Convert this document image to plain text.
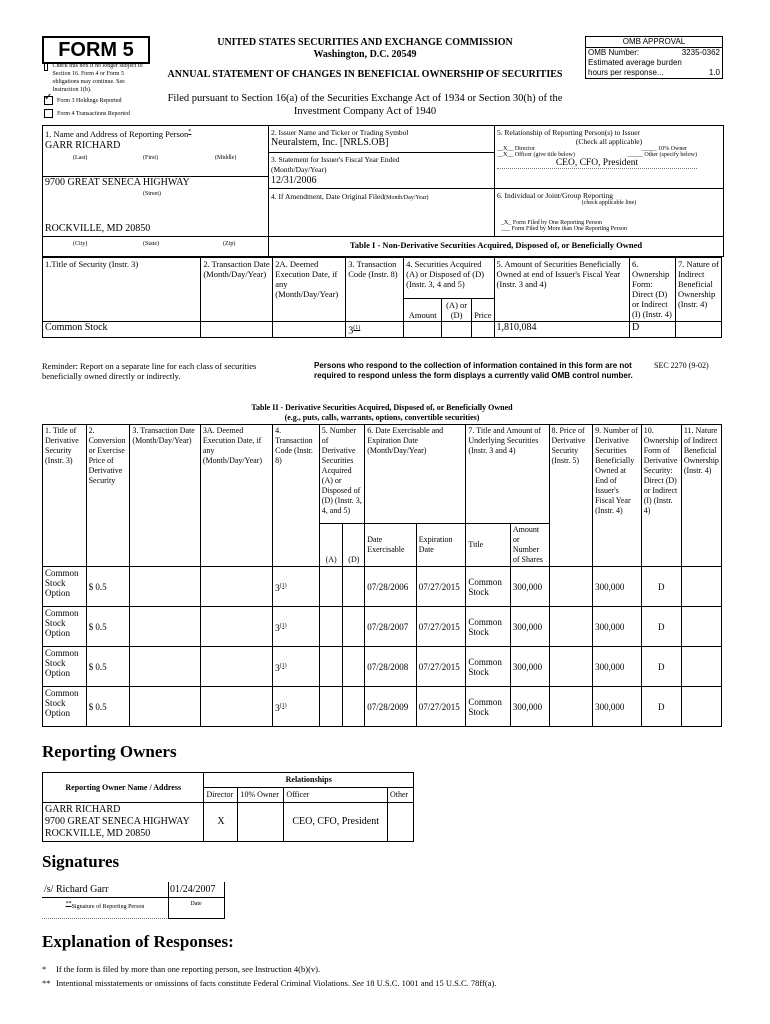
FORM 5
Check this box if no longer subject to Section 16. Form 4 or Form 5 obligations may continue. See Instruction 1(b).
✓
Form 3 Holdings Reported
Form 4 Transactions Reported
UNITED STATES SECURITIES AND EXCHANGE COMMISSION
Washington, D.C. 20549
ANNUAL STATEMENT OF CHANGES IN BENEFICIAL OWNERSHIP OF SECURITIES
Filed pursuant to Section 16(a) of the Securities Exchange Act of 1934 or Section 30(h) of the
Investment Company Act of 1940
OMB APPROVAL
OMB Number:	3235-0362
Estimated average burden
hours per response...	1.0
1. Name and Address of Reporting Person*
GARR RICHARD
(Last)	(First)	(Middle)
9700 GREAT SENECA HIGHWAY
(Street)
ROCKVILLE, MD 20850
(City)	(State)	(Zip)
2. Issuer Name and Ticker or Trading Symbol
Neuralstem, Inc. [NRLS.OB]
3. Statement for Issuer's Fiscal Year Ended (Month/Day/Year)
12/31/2006
4. If Amendment, Date Original Filed(Month/Day/Year)
5. Relationship of Reporting Person(s) to Issuer
(Check all applicable)
__X__ Director	_____ 10% Owner
__X__ Officer (give title below)	_____ Other (specify below)
CEO, CFO, President
6. Individual or Joint/Group Reporting
(check applicable line)
_X_ Form Filed by One Reporting Person
___ Form Filed by More than One Reporting Person
Table I - Non-Derivative Securities Acquired, Disposed of, or Beneficially Owned
1.Title of Security (Instr. 3)	2. Transaction Date (Month/Day/Year)	2A. Deemed Execution Date, if any (Month/Day/Year)	3. Transaction Code (Instr. 8)	4. Securities Acquired (A) or Disposed of (D) (Instr. 3, 4 and 5)			5. Amount of Securities Beneficially Owned at end of Issuer's Fiscal Year (Instr. 3 and 4)	6. Ownership Form: Direct (D) or Indirect (I) (Instr. 4)	7. Nature of Indirect Beneficial Ownership (Instr. 4)
				Amount	(A) or (D)	Price			
Common Stock			3$^{(1)}$				1,810,084	D	
Reminder: Report on a separate line for each class of securities beneficially owned directly or indirectly.
Persons who respond to the collection of information contained in this form are not required to respond unless the form displays a currently valid OMB control number.
SEC 2270 (9-02)
Table II - Derivative Securities Acquired, Disposed of, or Beneficially Owned
(e.g., puts, calls, warrants, options, convertible securities)
1. Title of Derivative Security (Instr. 3)	2. Conversion or Exercise Price of Derivative Security	3. Transaction Date (Month/Day/Year)	3A. Deemed Execution Date, if any (Month/Day/Year)	4. Transaction Code (Instr. 8)	5. Number of Derivative Securities Acquired (A) or Disposed of (D) (Instr. 3, 4, and 5)		6. Date Exercisable and Expiration Date (Month/Day/Year)		7. Title and Amount of Underlying Securities (Instr. 3 and 4)		8. Price of Derivative Security (Instr. 5)	9. Number of Derivative Securities Beneficially Owned at End of Issuer's Fiscal Year (Instr. 4)	10. Ownership Form of Derivative Security: Direct (D) or Indirect (I) (Instr. 4)	11. Nature of Indirect Beneficial Ownership (Instr. 4)
					(A)	(D)	Date Exercisable	Expiration Date	Title	Amount or Number of Shares				
Common Stock Option	$ 0.5			3$^{(1)}$			07/28/2006	07/27/2015	Common Stock	300,000		300,000	D	
Common Stock Option	$ 0.5			3$^{(1)}$			07/28/2007	07/27/2015	Common Stock	300,000		300,000	D	
Common Stock Option	$ 0.5			3$^{(1)}$			07/28/2008	07/27/2015	Common Stock	300,000		300,000	D	
Common Stock Option	$ 0.5			3$^{(1)}$			07/28/2009	07/27/2015	Common Stock	300,000		300,000	D	
Reporting Owners
Reporting Owner Name / Address	Relationships			
	Director	10% Owner	Officer	Other

GARR RICHARD
9700 GREAT SENECA HIGHWAY
ROCKVILLE, MD 20850	X		CEO, CFO, President	
Signatures
/s/ Richard Garr
**Signature of Reporting Person
01/24/2007
Date
Explanation of Responses:
* If the form is filed by more than one reporting person, see Instruction 4(b)(v).
** Intentional misstatements or omissions of facts constitute Federal Criminal Violations. See 18 U.S.C. 1001 and 15 U.S.C. 78ff(a).
